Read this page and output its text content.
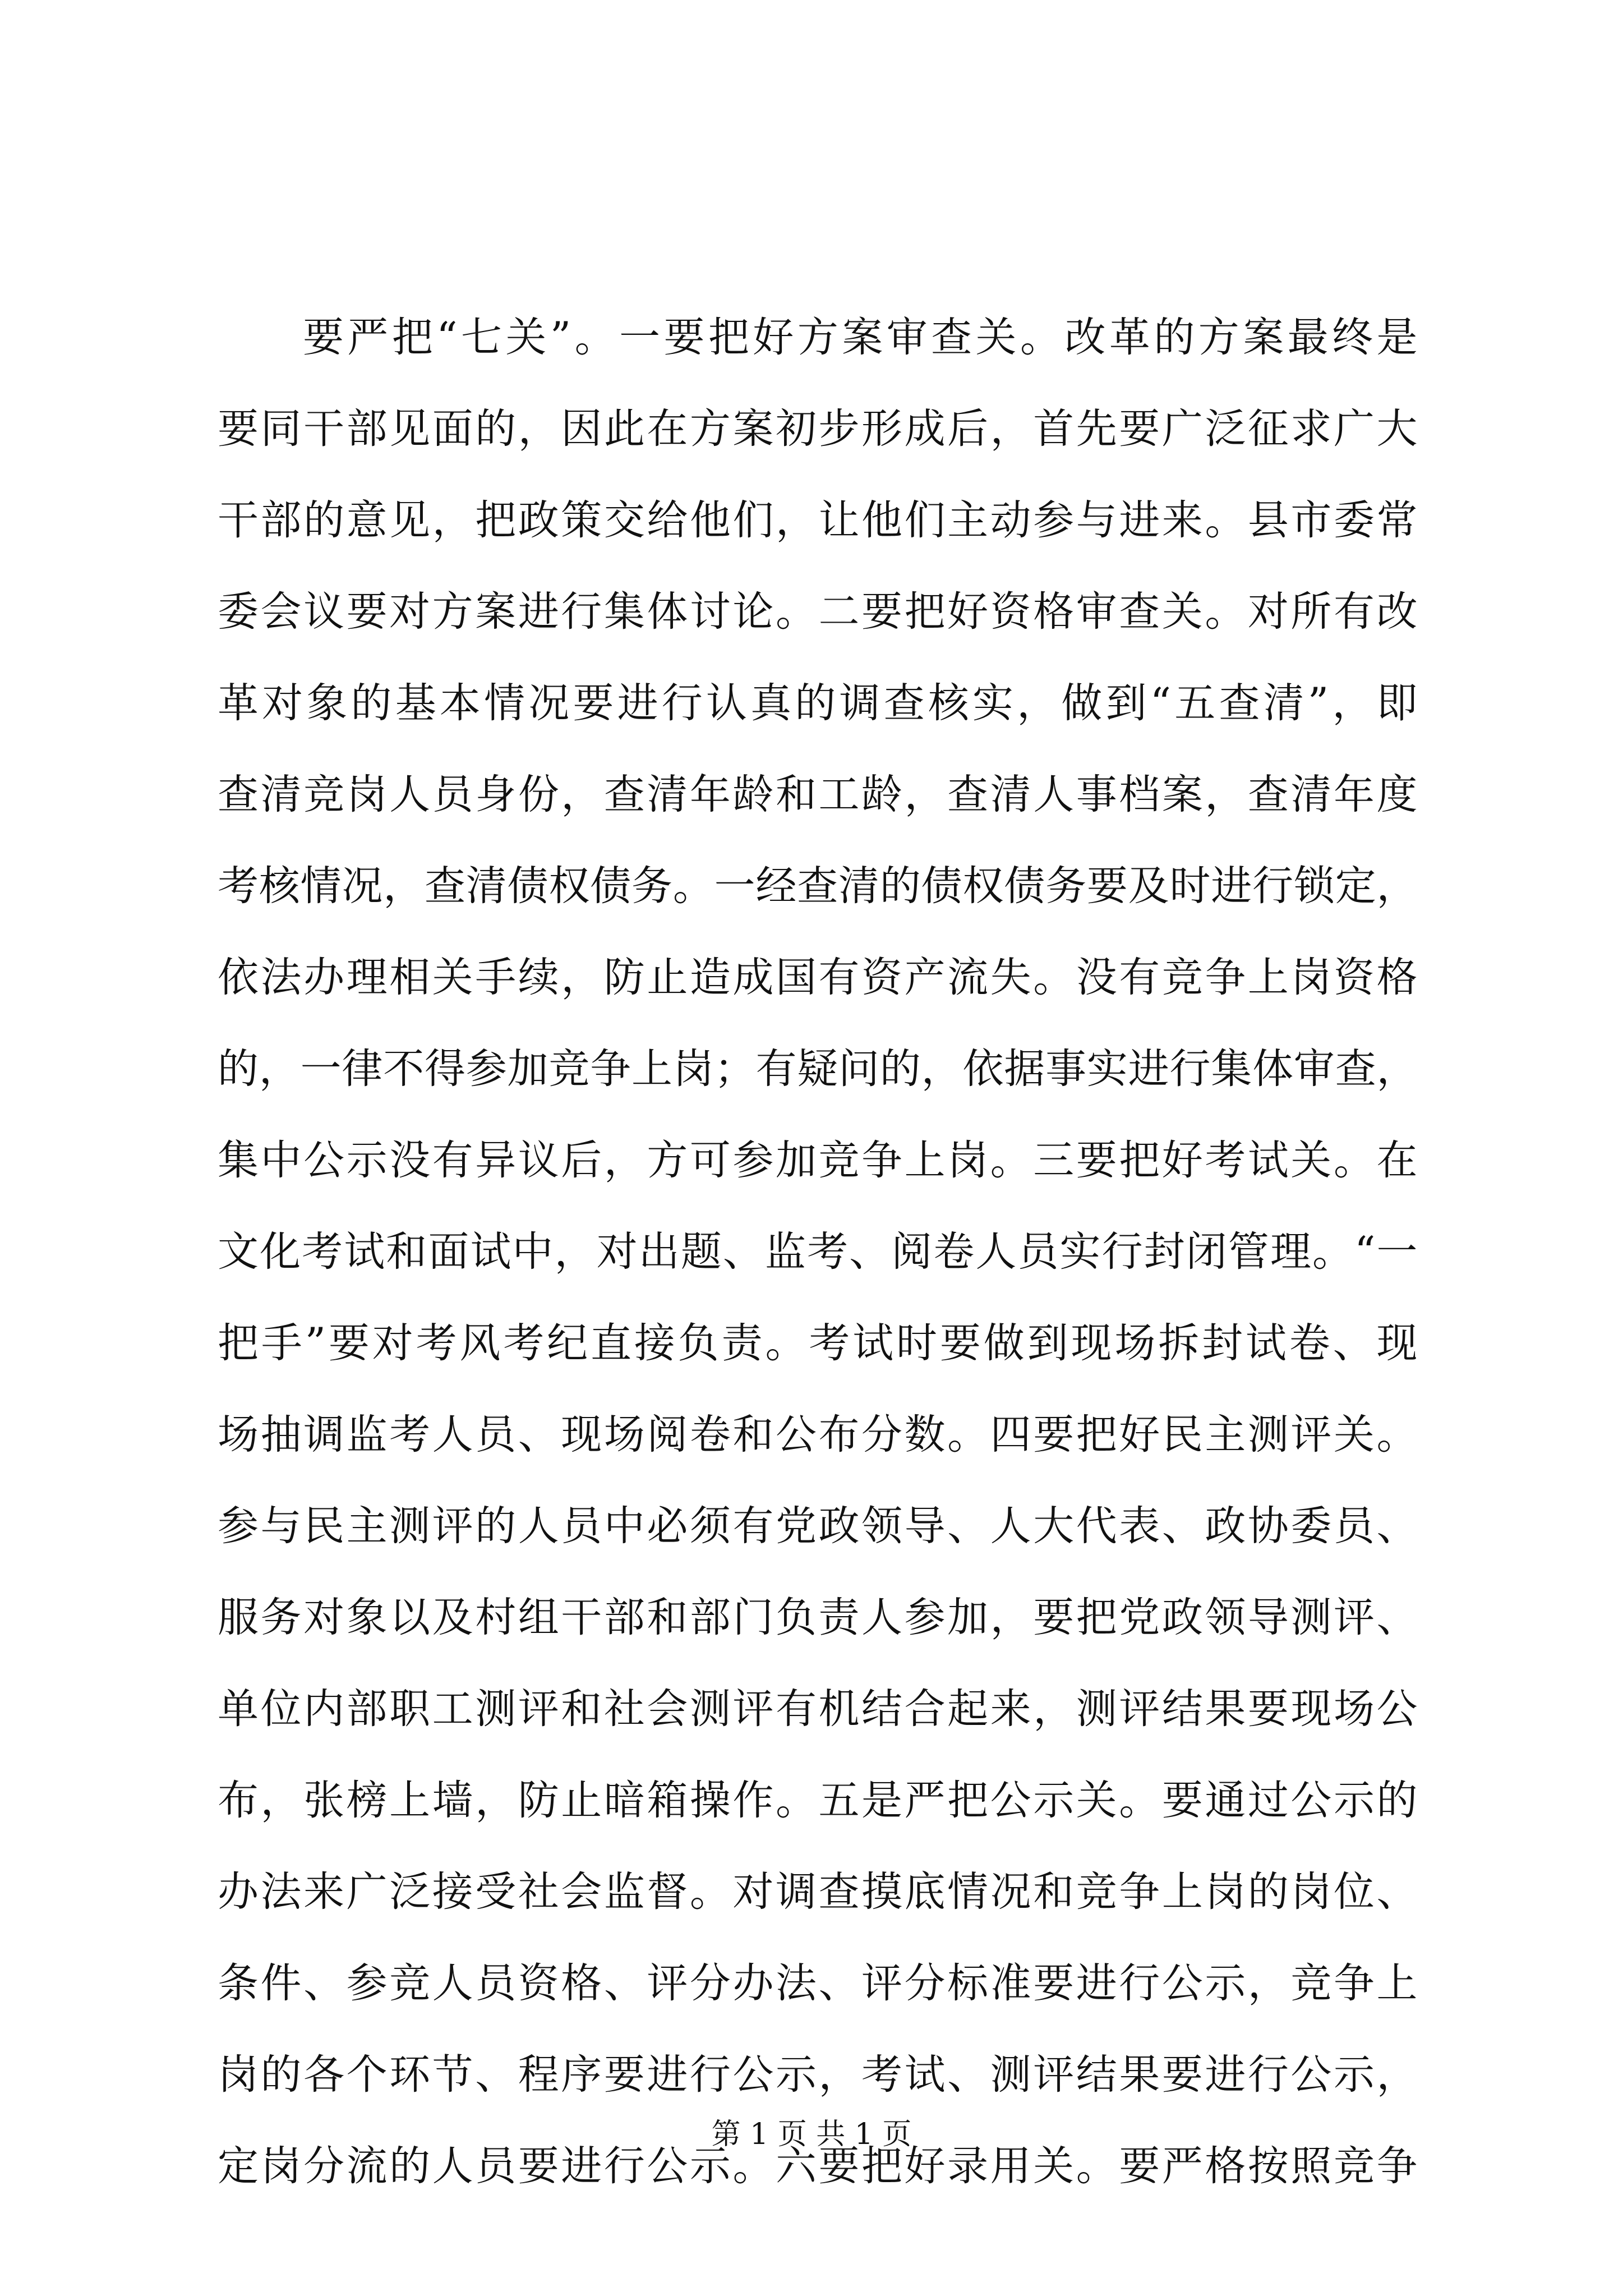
要严把“七关”。一要把好方案审查关。改革的方案最终是
要同干部见面的，因此在方案初步形成后，首先要广泛征求广大
干部的意见，把政策交给他们，让他们主动参与进来。县市委常
委会议要对方案进行集体讨论。二要把好资格审查关。对所有改
革对象的基本情况要进行认真的调查核实，做到“五查清”，即
查清竞岗人员身份，查清年龄和工龄，查清人事档案，查清年度
考核情况，查清债权债务。一经查清的债权债务要及时进行锁定，
依法办理相关手续，防止造成国有资产流失。没有竞争上岗资格
的，一律不得参加竞争上岗；有疑问的，依据事实进行集体审查，
集中公示没有异议后，方可参加竞争上岗。三要把好考试关。在
文化考试和面试中，对出题、监考、阅卷人员实行封闭管理。“一
把手”要对考风考纪直接负责。考试时要做到现场拆封试卷、现
场抽调监考人员、现场阅卷和公布分数。四要把好民主测评关。
参与民主测评的人员中必须有党政领导、人大代表、政协委员、
服务对象以及村组干部和部门负责人参加，要把党政领导测评、
单位内部职工测评和社会测评有机结合起来，测评结果要现场公
布，张榜上墙，防止暗箱操作。五是严把公示关。要通过公示的
办法来广泛接受社会监督。对调查摸底情况和竞争上岗的岗位、
条件、参竞人员资格、评分办法、评分标准要进行公示，竞争上
岗的各个环节、程序要进行公示，考试、测评结果要进行公示，
定岗分流的人员要进行公示。六要把好录用关。要严格按照竞争
第 1 页 共 1 页
